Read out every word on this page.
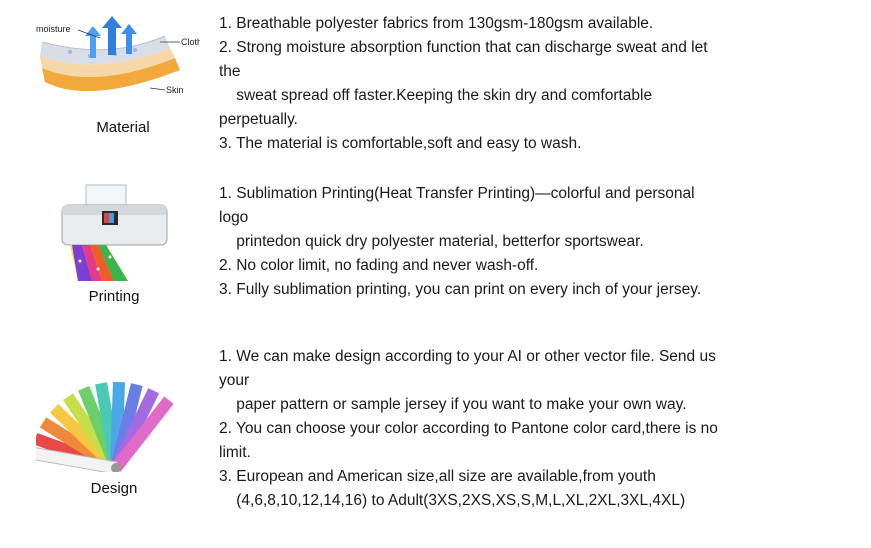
moisture
Cloth
Skin
Material
1. Breathable polyester fabrics from 130gsm-180gsm available.
2. Strong moisture absorption function that can discharge sweat and let
the
sweat spread off faster.Keeping the skin dry and comfortable
perpetually.
3. The material is comfortable,soft and easy to wash.
Printing
1. Sublimation Printing(Heat Transfer Printing)—colorful and personal
logo
printedon quick dry polyester material, betterfor sportswear.
2. No color limit, no fading and never wash-off.
3. Fully sublimation printing, you can print on every inch of your jersey.
Design
1. We can make design according to your AI or other vector file. Send us
your
paper pattern or sample jersey if you want to make your own way.
2. You can choose your color according to Pantone color card,there is no
limit.
3. European and American size,all size are available,from youth
(4,6,8,10,12,14,16) to Adult(3XS,2XS,XS,S,M,L,XL,2XL,3XL,4XL)
